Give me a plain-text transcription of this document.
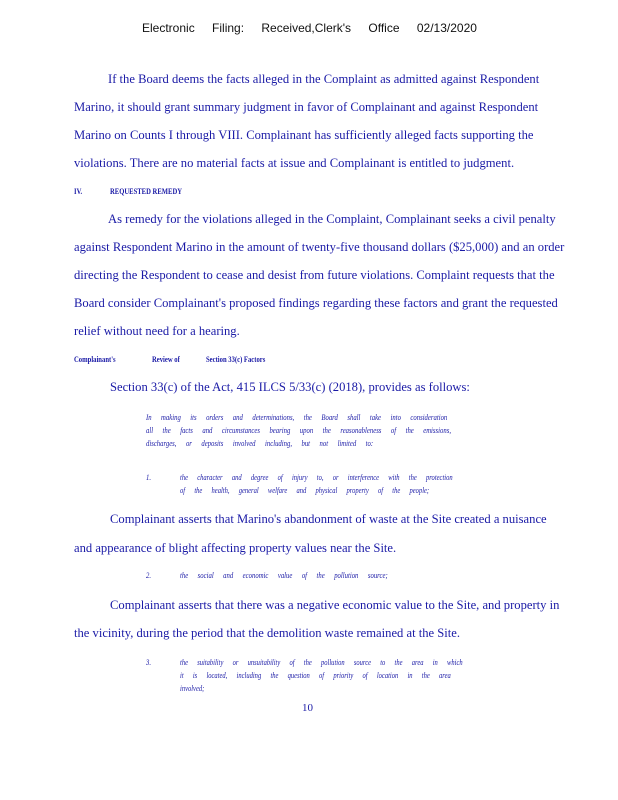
Electronic Filing: Received,Clerk's Office 02/13/2020
If the Board deems the facts alleged in the Complaint as admitted against Respondent
Marino, it should grant summary judgment in favor of Complainant and against Respondent
Marino on Counts I through VIII. Complainant has sufficiently alleged facts supporting the
violations. There are no material facts at issue and Complainant is entitled to judgment.
IV.	REQUESTED REMEDY
As remedy for the violations alleged in the Complaint, Complainant seeks a civil penalty
against Respondent Marino in the amount of twenty-five thousand dollars ($25,000) and an order
directing the Respondent to cease and desist from future violations. Complaint requests that the
Board consider Complainant's proposed findings regarding these factors and grant the requested
relief without need for a hearing.
Complainant's	Review of	Section 33(c) Factors
Section 33(c) of the Act, 415 ILCS 5/33(c) (2018), provides as follows:
In making its orders and determinations, the Board shall take into consideration
all the facts and circumstances bearing upon the reasonableness of the emissions,
discharges, or deposits involved including, but not limited to:
1.	the character and degree of injury to, or interference with the protection
of the health, general welfare and physical property of the people;
Complainant asserts that Marino's abandonment of waste at the Site created a nuisance
and appearance of blight affecting property values near the Site.
2.	the social and economic value of the pollution source;
Complainant asserts that there was a negative economic value to the Site, and property in
the vicinity, during the period that the demolition waste remained at the Site.
3.	the suitability or unsuitability of the pollution source to the area in which
it is located, including the question of priority of location in the area
involved;
10
